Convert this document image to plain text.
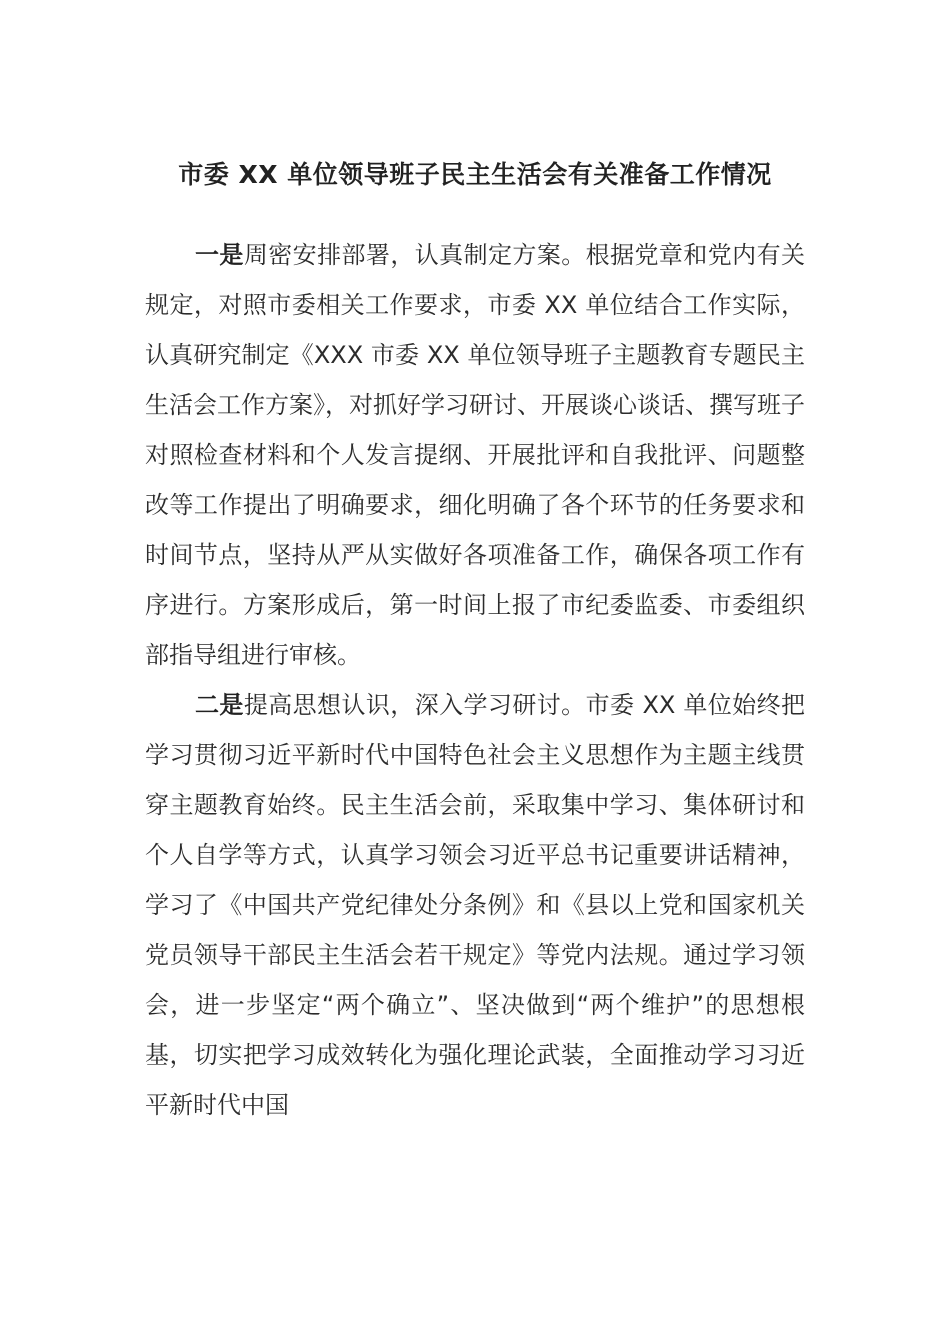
市委 XX 单位领导班子民主生活会有关准备工作情况

一是周密安排部署，认真制定方案。根据党章和党内有关规定，对照市委相关工作要求，市委 XX 单位结合工作实际，认真研究制定《XXX 市委 XX 单位领导班子主题教育专题民主生活会工作方案》，对抓好学习研讨、开展谈心谈话、撰写班子对照检查材料和个人发言提纲、开展批评和自我批评、问题整改等工作提出了明确要求，细化明确了各个环节的任务要求和时间节点，坚持从严从实做好各项准备工作，确保各项工作有序进行。方案形成后，第一时间上报了市纪委监委、市委组织部指导组进行审核。

二是提高思想认识，深入学习研讨。市委 XX 单位始终把学习贯彻习近平新时代中国特色社会主义思想作为主题主线贯穿主题教育始终。民主生活会前，采取集中学习、集体研讨和个人自学等方式，认真学习领会习近平总书记重要讲话精神，学习了《中国共产党纪律处分条例》和《县以上党和国家机关党员领导干部民主生活会若干规定》等党内法规。通过学习领会，进一步坚定“两个确立”、坚决做到“两个维护”的思想根基，切实把学习成效转化为强化理论武装，全面推动学习习近平新时代中国
